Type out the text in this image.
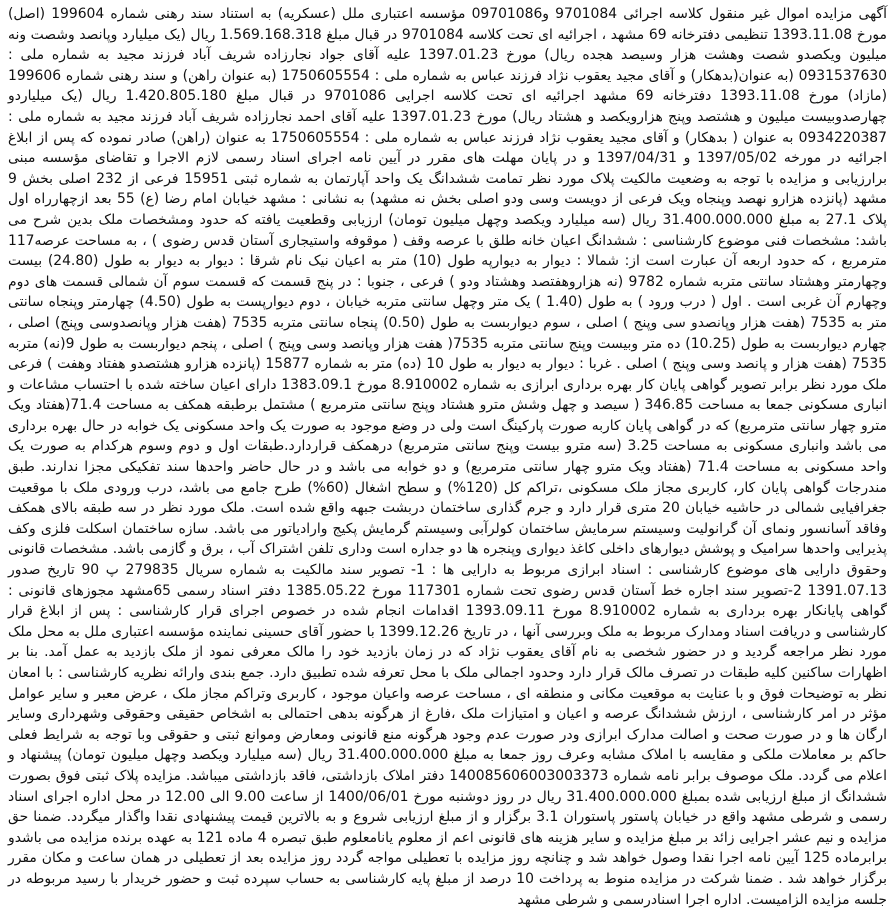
آگهی مزایده اموال غیر منقول کلاسه اجرائی 9701084 و09701086 مؤسسه اعتباری ملل (عسکریه) به استناد سند رهنی شماره 199604 (اصل) مورخ 1393.11.08 تنظیمی دفترخانه 69 مشهد ، اجرائیه ای تحت کلاسه 9701084 در قبال مبلغ 1.569.168.318 ریال (یک میلیارد وپانصد وشصت ونه میلیون ویکصدو شصت وهشت هزار وسیصد هجده ریال) مورخ 1397.01.23 علیه آقای جواد نجارزاده شریف آباد فرزند مجید به شماره ملی : 0931537630 (به عنوان(بدهکار) و آقای مجید یعقوب نژاد فرزند عباس به شماره ملی : 1750605554 (به عنوان راهن) و سند رهنی شماره 199606 (مازاد) مورخ 1393.11.08 دفترخانه 69 مشهد اجرائیه ای تحت کلاسه اجرایی 9701086 در قبال مبلغ 1.420.805.180 ریال (یک میلیاردو چهارصدوبیست میلیون و هشتصد وپنج هزارویکصد و هشتاد ریال) مورخ 1397.01.23 علیه آقای احمد نجارزاده شریف آباد فرزند مجید به شماره ملی : 0934220387 به عنوان ( بدهکار) و آقای مجید یعقوب نژاد فرزند عباس به شماره ملی : 1750605554 به عنوان (راهن) صادر نموده که پس از ابلاغ اجرائیه در مورخه 1397/05/02 و 1397/04/31 و در پایان مهلت های مقرر در آیین نامه اجرای اسناد رسمی لازم الاجرا و تقاضای مؤسسه مبنی برارزیابی و مزایده با توجه به وضعیت مالکیت پلاک مورد نظر تمامت ششدانگ یک واحد آپارتمان به شماره ثبتی 15951 فرعی از 232 اصلی بخش 9 مشهد (پانزده هزارو نهصد وپنجاه ویک فرعی از دویست وسی ودو اصلی بخش نه مشهد) به نشانی : مشهد خیابان امام رضا (ع) 55 بعد ازچهارراه اول پلاک 27.1 به مبلغ 31.400.000.000 ریال (سه میلیارد ویکصد وچهل میلیون تومان) ارزیابی وقطعیت یافته که حدود ومشخصات ملک بدین شرح می باشد: مشخصات فنی موضوع کارشناسی : ششدانگ اعیان خانه طلق با عرصه وقف ( موقوفه واستیجاری آستان قدس رضوی ) ، به مساحت عرصه117 مترمربع ، که حدود اربعه آن عبارت است از: شمالا : دیوار به دیوارپه طول (10) متر به اعیان نیک نام شرقا : دیوار به دیوار به طول (24.80) بیست وچهارمتر وهشتاد سانتی متربه شماره 9782 (نه هزاروهفتصد وهشتاد ودو ) فرعی ، جنوبا : در پنج قسمت که قسمت سوم آن شمالی قسمت های دوم وچهارم آن غربی است . اول ( درب ورود ) به طول (1.40 ) یک متر وچهل سانتی متربه خیابان ، دوم دیوارپست به طول (4.50) چهارمتر وپنجاه سانتی متر به 7535 (هفت هزار وپانصدو سی وپنج ) اصلی ، سوم دیواربست به طول (0.50) پنجاه سانتی متربه 7535 (هفت هزار وپانصدوسی وپنج) اصلی ، چهارم دیواربست به طول (10.25) ده متر وبیست وپنج سانتی متربه 7535( هفت هزار وپانصد وسی وپنج ) اصلی ، پنجم دیواربست به طول 9(نه) متربه 7535 (هفت هزار و پانصد وسی وپنج ) اصلی . غربا : دیوار به دیوار به طول 10 (ده) متر به شماره 15877 (پانزده هزارو هشتصدو هفتاد وهفت ) فرعی ملک مورد نظر برابر تصویر گواهی پایان کار بهره برداری ابرازی به شماره 8.910002 مورخ 1383.09.1 دارای اعیان ساخته شده با احتساب مشاعات و انباری مسکونی جمعا به مساحت 346.85 ( سیصد و چهل وشش مترو هشتاد وپنج سانتی مترمربع ) مشتمل برطبقه همکف به مساحت 71.4(هفتاد ویک مترو چهار سانتی مترمربع) که در گواهی پایان کاربه صورت پارکینگ است ولی در وضع موجود به صورت یک واحد مسکونی یک خوابه در حال بهره برداری می باشد وانباری مسکونی به مساحت 3.25 (سه مترو بیست وپنج سانتی مترمربع) درهمکف قراردارد.طبقات اول و دوم وسوم هرکدام به صورت یک واحد مسکونی به مساحت 71.4 (هفتاد ویک مترو چهار سانتی مترمربع) و دو خوابه می باشد و در حال حاضر واحدها سند تفکیکی مجزا ندارند. طبق مندرجات گواهی پایان کار، کاربری مجاز ملک مسکونی ،تراکم کل (120%) و سطح اشغال (60%) طرح جامع می باشد، درب ورودی ملک با موقعیت جغرافیایی شمالی در حاشیه خیابان 20 متری قرار دارد و جرم گذاری ساختمان دربشت جبهه واقع شده است. ملک مورد نظر در سه طبقه بالای همکف وفاقد آسانسور ونمای آن گرانولیت وسیستم سرمایش ساختمان کولرآبی وسیستم گرمایش پکیج وارادیاتور می باشد. سازه ساختمان اسکلت فلزی وکف پذیرایی واحدها سرامیک و پوشش دیوارهای داخلی کاغذ دیواری وپنجره ها دو جداره است وداری تلفن اشتراک آب ، برق و گازمی باشد. مشخصات قانونی وحقوق دارایی های موضوع کارشناسی : اسناد ابرازی مربوط به دارایی ها : 1- تصویر سند مالکیت به شماره سریال 279835 پ 90 تاریخ صدور 1391.07.13 2-تصویر سند اجاره خط آستان قدس رضوی تحت شماره 117301 مورخ 1385.05.22 دفتر اسناد رسمی 65مشهد مجوزهای قانونی : گواهی پایانکار بهره برداری به شماره 8.910002 مورخ 1393.09.11 اقدامات انجام شده در خصوص اجرای قرار کارشناسی : پس از ابلاغ قرار کارشناسی و دریافت اسناد ومدارک مربوط به ملک وبررسی آنها ، در تاریخ 1399.12.26 با حضور آقای حسینی نماینده مؤسسه اعتباری ملل به محل ملک مورد نظر مراجعه گردید و در حضور شخصی به نام آقای یعقوب نژاد که در زمان بازدید خود را مالک معرفی نمود از ملک بازدید به عمل آمد. بنا بر اظهارات ساکنین کلیه طبقات در تصرف مالک قرار دارد وحدود اجمالی ملک با محل تعرفه شده تطبیق دارد. جمع بندی وارائه نظریه کارشناسی : با امعان نظر به توضیحات فوق و با عنایت به موقعیت مکانی و منطقه ای ، مساحت عرصه واعیان موجود ، کاربری وتراکم مجاز ملک ، عرض معبر و سایر عوامل مؤثر در امر کارشناسی ، ارزش ششدانگ عرصه و اعیان و امتیازات ملک ،فارغ از هرگونه بدهی احتمالی به اشخاص حقیقی وحقوقی وشهرداری وسایر ارگان ها و در صورت صحت و اصالت مدارک ابرازی ودر صورت عدم وجود هرگونه منع قانونی ومعارض وموانع ثبتی و حقوقی وبا توجه به شرایط فعلی حاکم بر معاملات ملکی و مقایسه با املاک مشابه وعرف روز جمعا به مبلغ 31.400.000.000 ریال (سه میلیارد ویکصد وچهل میلیون تومان) پیشنهاد و اعلام می گردد. ملک موصوف برابر نامه شماره 140085606003003373 دفتر املاک بازداشتی، فاقد بازداشتی میباشد. مزایده پلاک ثبتی فوق بصورت ششدانگ از مبلغ ارزیابی شده بمبلغ 31.400.000.000 ریال در روز دوشنبه مورخ 1400/06/01 از ساعت 9.00 الی 12.00 در محل اداره اجرای اسناد رسمی و شرطی مشهد واقع در خیابان پاستور پاستوران 3.1 برگزار و از مبلغ ارزیابی شروع و به بالاترین قیمت پیشنهادی نقدا واگذار میگردد. ضمنا حق مزایده و نیم عشر اجرایی زائد بر مبلغ مزایده و سایر هزینه های قانونی اعم از معلوم یانامعلوم طبق تبصره 4 ماده 121 به عهده برنده مزایده می باشدو برابرماده 125 آیین نامه اجرا نقدا وصول خواهد شد و چنانچه روز مزایده با تعطیلی مواجه گردد روز مزایده بعد از تعطیلی در همان ساعت و مکان مقرر برگزار خواهد شد . ضمنا شرکت در مزایده منوط به پرداخت 10 درصد از مبلغ پایه کارشناسی به حساب سپرده ثبت و حضور خریدار با رسید مربوطه در جلسه مزایده الزامیست. اداره اجرا اسنادرسمی و شرطی مشهد
